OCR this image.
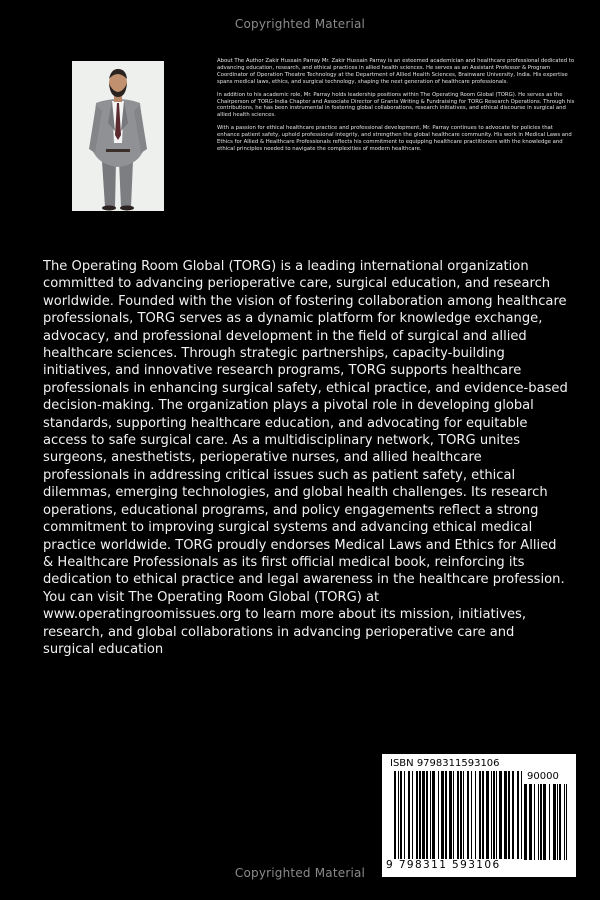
Copyrighted Material

About The Author Zakir Hussain Parray Mr. Zakir Hussain Parray is an esteemed academician and healthcare professional dedicated to advancing education, research, and ethical practices in allied health sciences. He serves as an Assistant Professor & Program Coordinator of Operation Theatre Technology at the Department of Allied Health Sciences, Brainware University, India. His expertise spans medical laws, ethics, and surgical technology, shaping the next generation of healthcare professionals.

In addition to his academic role, Mr. Parray holds leadership positions within The Operating Room Global (TORG). He serves as the Chairperson of TORG-India Chapter and Associate Director of Grants Writing & Fundraising for TORG Research Operations. Through his contributions, he has been instrumental in fostering global collaborations, research initiatives, and ethical discourse in surgical and allied health sciences.

With a passion for ethical healthcare practice and professional development, Mr. Parray continues to advocate for policies that enhance patient safety, uphold professional integrity, and strengthen the global healthcare community. His work in Medical Laws and Ethics for Allied & Healthcare Professionals reflects his commitment to equipping healthcare practitioners with the knowledge and ethical principles needed to navigate the complexities of modern healthcare.

The Operating Room Global (TORG) is a leading international organization committed to advancing perioperative care, surgical education, and research worldwide. Founded with the vision of fostering collaboration among healthcare professionals, TORG serves as a dynamic platform for knowledge exchange, advocacy, and professional development in the field of surgical and allied healthcare sciences. Through strategic partnerships, capacity-building initiatives, and innovative research programs, TORG supports healthcare professionals in enhancing surgical safety, ethical practice, and evidence-based decision-making. The organization plays a pivotal role in developing global standards, supporting healthcare education, and advocating for equitable access to safe surgical care. As a multidisciplinary network, TORG unites surgeons, anesthetists, perioperative nurses, and allied healthcare professionals in addressing critical issues such as patient safety, ethical dilemmas, emerging technologies, and global health challenges. Its research operations, educational programs, and policy engagements reflect a strong commitment to improving surgical systems and advancing ethical medical practice worldwide. TORG proudly endorses Medical Laws and Ethics for Allied & Healthcare Professionals as its first official medical book, reinforcing its dedication to ethical practice and legal awareness in the healthcare profession. You can visit The Operating Room Global (TORG) at www.operatingroomissues.org to learn more about its mission, initiatives, research, and global collaborations in advancing perioperative care and surgical education
ISBN 9798311593106
90000
9 798311 593106
Copyrighted Material
